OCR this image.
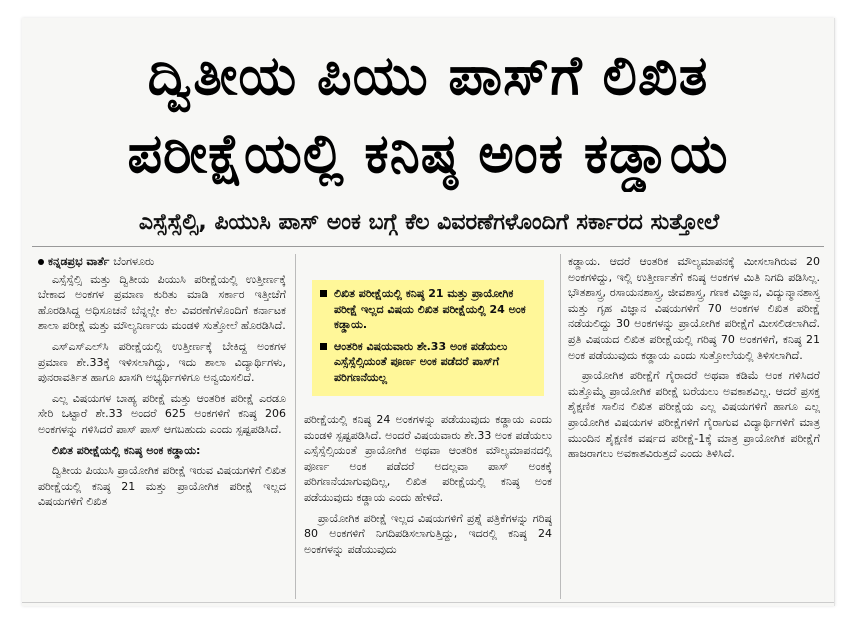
ದ್ವಿತೀಯ ಪಿಯು ಪಾಸ್‌ಗೆ ಲಿಖಿತ
ಪರೀಕ್ಷೆಯಲ್ಲಿ ಕನಿಷ್ಠ ಅಂಕ ಕಡ್ಡಾಯ
ಎಸ್ಸೆಸ್ಸೆಲ್ಸಿ, ಪಿಯುಸಿ ಪಾಸ್ ಅಂಕ ಬಗ್ಗೆ ಕೆಲ ವಿವರಣೆಗಳೊಂದಿಗೆ ಸರ್ಕಾರದ ಸುತ್ತೋಲೆ
ಕನ್ನಡಪ್ರಭ ವಾರ್ತೆ ಬೆಂಗಳೂರು

ಎಸ್ಸೆಸ್ಸೆಲ್ಸಿ ಮತ್ತು ದ್ವಿತೀಯ ಪಿಯುಸಿ ಪರೀಕ್ಷೆಯಲ್ಲಿ ಉತ್ತೀರ್ಣಕ್ಕೆ ಬೇಕಾದ ಅಂಕಗಳ ಪ್ರಮಾಣ ಕುರಿತು ಮಾಡಿ ಸರ್ಕಾರ ಇತ್ತೀಚೆಗೆ ಹೊರಡಿಸಿದ್ದ ಅಧಿಸೂಚನೆ ಬೆನ್ನಲ್ಲೇ ಕೆಲ ವಿವರಣೆಗಳೊಂದಿಗೆ ಕರ್ನಾಟಕ ಶಾಲಾ ಪರೀಕ್ಷೆ ಮತ್ತು ಮೌಲ್ಯನಿರ್ಣಯ ಮಂಡಳಿ ಸುತ್ತೋಲೆ ಹೊರಡಿಸಿದೆ.

ಎಸ್‌ಎಸ್‌ಎಲ್‌ಸಿ ಪರೀಕ್ಷೆಯಲ್ಲಿ ಉತ್ತೀರ್ಣಕ್ಕೆ ಬೇಕಿದ್ದ ಅಂಕಗಳ ಪ್ರಮಾಣ ಶೇ.33ಕ್ಕೆ ಇಳಿಸಲಾಗಿದ್ದು, ಇದು ಶಾಲಾ ವಿದ್ಯಾರ್ಥಿಗಳು, ಪುನರಾವರ್ತಿತ ಹಾಗೂ ಖಾಸಗಿ ಅಭ್ಯರ್ಥಿಗಳಿಗೂ ಅನ್ವಯಿಸಲಿದೆ.

ಎಲ್ಲ ವಿಷಯಗಳ ಬಾಹ್ಯ ಪರೀಕ್ಷೆ ಮತ್ತು ಆಂತರಿಕ ಪರೀಕ್ಷೆ ಎರಡೂ ಸೇರಿ ಒಟ್ಟಾರೆ ಶೇ.33 ಅಂದರೆ 625 ಅಂಕಗಳಿಗೆ ಕನಿಷ್ಠ 206 ಅಂಕಗಳನ್ನು ಗಳಿಸಿದರೆ ಪಾಸ್ ಪಾಸ್ ಆಗಬಹುದು ಎಂದು ಸ್ಪಷ್ಟಪಡಿಸಿದೆ.

ಲಿಖಿತ ಪರೀಕ್ಷೆಯಲ್ಲಿ ಕನಿಷ್ಠ ಅಂಕ ಕಡ್ಡಾಯ:

ದ್ವಿತೀಯ ಪಿಯುಸಿ ಪ್ರಾಯೋಗಿಕ ಪರೀಕ್ಷೆ ಇರುವ ವಿಷಯಗಳಿಗೆ ಲಿಖಿತ ಪರೀಕ್ಷೆಯಲ್ಲಿ ಕನಿಷ್ಠ 21 ಮತ್ತು ಪ್ರಾಯೋಗಿಕ ಪರೀಕ್ಷೆ ಇಲ್ಲದ ವಿಷಯಗಳಿಗೆ ಲಿಖಿತ

ಲಿಖಿತ ಪರೀಕ್ಷೆಯಲ್ಲಿ ಕನಿಷ್ಠ 21 ಮತ್ತು ಪ್ರಾಯೋಗಿಕ ಪರೀಕ್ಷೆ ಇಲ್ಲದ ವಿಷಯ ಲಿಖಿತ ಪರೀಕ್ಷೆಯಲ್ಲಿ 24 ಅಂಕ ಕಡ್ಡಾಯ.
ಆಂತರಿಕ ವಿಷಯವಾರು ಶೇ.33 ಅಂಕ ಪಡೆಯಲು ಎಸ್ಸೆಸ್ಸೆಲ್ಸಿಯಂತೆ ಪೂರ್ಣ ಅಂಕ ಪಡೆದರೆ ಪಾಸ್‌ಗೆ ಪರಿಗಣನೆಯಲ್ಲ

ಪರೀಕ್ಷೆಯಲ್ಲಿ ಕನಿಷ್ಠ 24 ಅಂಕಗಳನ್ನು ಪಡೆಯುವುದು ಕಡ್ಡಾಯ ಎಂದು ಮಂಡಳಿ ಸ್ಪಷ್ಟಪಡಿಸಿದೆ. ಅಂದರೆ ವಿಷಯವಾರು ಶೇ.33 ಅಂಕ ಪಡೆಯಲು ಎಸ್ಸೆಸ್ಸೆಲ್ಸಿಯಂತೆ ಪ್ರಾಯೋಗಿಕ ಅಥವಾ ಆಂತರಿಕ ಮೌಲ್ಯಮಾಪನದಲ್ಲಿ ಪೂರ್ಣ ಅಂಕ ಪಡೆದರೆ ಅದಲ್ಲವಾ ಪಾಸ್ ಅಂಕಕ್ಕೆ ಪರಿಗಣನೆಯಾಗುವುದಿಲ್ಲ, ಲಿಖಿತ ಪರೀಕ್ಷೆಯಲ್ಲಿ ಕನಿಷ್ಠ ಅಂಕ ಪಡೆಯುವುದು ಕಡ್ಡಾಯ ಎಂದು ಹೇಳಿದೆ.

ಪ್ರಾಯೋಗಿಕ ಪರೀಕ್ಷೆ ಇಲ್ಲದ ವಿಷಯಗಳಿಗೆ ಪ್ರಶ್ನೆ ಪತ್ರಿಕೆಗಳನ್ನು ಗರಿಷ್ಠ 80 ಅಂಕಗಳಿಗೆ ನಿಗದಿಪಡಿಸಲಾಗುತ್ತಿದ್ದು, ಇದರಲ್ಲಿ ಕನಿಷ್ಠ 24 ಅಂಕಗಳನ್ನು ಪಡೆಯುವುದು

ಕಡ್ಡಾಯ. ಆದರೆ ಆಂತರಿಕ ಮೌಲ್ಯಮಾಪನಕ್ಕೆ ಮೀಸಲಾಗಿರುವ 20 ಅಂಕಗಳಿದ್ದು, ಇಲ್ಲಿ ಉತ್ತೀರ್ಣತೆಗೆ ಕನಿಷ್ಠ ಅಂಕಗಳ ಮಿತಿ ನಿಗದಿ ಪಡಿಸಿಲ್ಲ. ಭೌತಶಾಸ್ತ್ರ, ರಸಾಯನಶಾಸ್ತ್ರ, ಜೀವಶಾಸ್ತ್ರ, ಗಣಕ ವಿಜ್ಞಾನ, ವಿದ್ಯುನ್ಮಾನಶಾಸ್ತ್ರ ಮತ್ತು ಗೃಹ ವಿಜ್ಞಾನ ವಿಷಯಗಳಿಗೆ 70 ಅಂಕಗಳ ಲಿಖಿತ ಪರೀಕ್ಷೆ ನಡೆಯಲಿದ್ದು 30 ಅಂಕಗಳನ್ನು ಪ್ರಾಯೋಗಿಕ ಪರೀಕ್ಷೆಗೆ ಮೀಸಲಿಡಲಾಗಿದೆ. ಪ್ರತಿ ವಿಷಯದ ಲಿಖಿತ ಪರೀಕ್ಷೆಯಲ್ಲಿ ಗರಿಷ್ಠ 70 ಅಂಕಗಳಿಗೆ, ಕನಿಷ್ಠ 21 ಅಂಕ ಪಡೆಯುವುದು ಕಡ್ಡಾಯ ಎಂದು ಸುತ್ತೋಲೆಯಲ್ಲಿ ತಿಳಿಸಲಾಗಿದೆ.

ಪ್ರಾಯೋಗಿಕ ಪರೀಕ್ಷೆಗೆ ಗೈರಾದರೆ ಅಥವಾ ಕಡಿಮೆ ಅಂಕ ಗಳಿಸಿದರೆ ಮತ್ತೊಮ್ಮೆ ಪ್ರಾಯೋಗಿಕ ಪರೀಕ್ಷೆ ಬರೆಯಲು ಅವಕಾಶವಿಲ್ಲ. ಆದರೆ ಪ್ರಸಕ್ತ ಶೈಕ್ಷಣಿಕ ಸಾಲಿನ ಲಿಖಿತ ಪರೀಕ್ಷೆಯ ಎಲ್ಲ ವಿಷಯಗಳಿಗೆ ಹಾಗೂ ಎಲ್ಲ ಪ್ರಾಯೋಗಿಕ ವಿಷಯಗಳ ಪರೀಕ್ಷೆಗಳಿಗೆ ಗೈರಾಗುವ ವಿದ್ಯಾರ್ಥಿಗಳಿಗೆ ಮಾತ್ರ ಮುಂದಿನ ಶೈಕ್ಷಣಿಕ ವರ್ಷದ ಪರೀಕ್ಷೆ-1ಕ್ಕೆ ಮಾತ್ರ ಪ್ರಾಯೋಗಿಕ ಪರೀಕ್ಷೆಗೆ ಹಾಜರಾಗಲು ಅವಕಾಶವಿರುತ್ತದೆ ಎಂದು ತಿಳಿಸಿದೆ.
